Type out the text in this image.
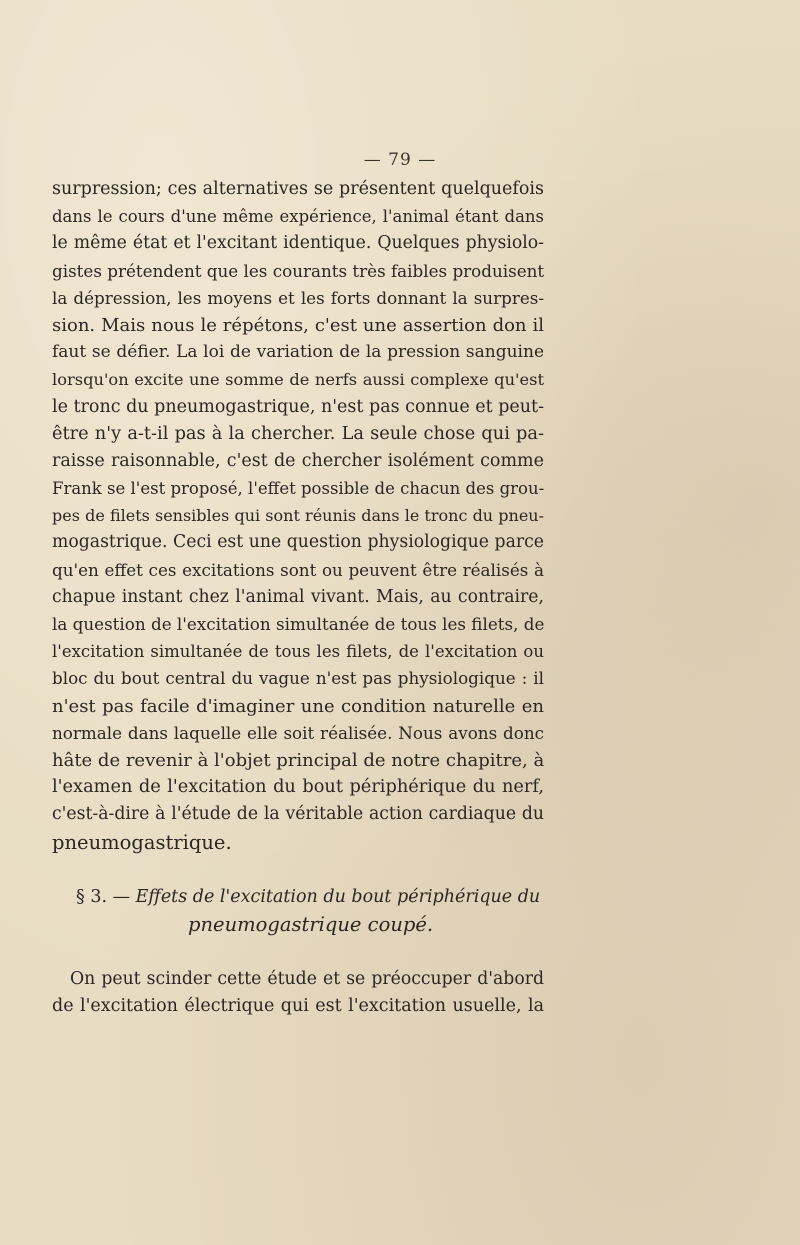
— 79 —
surpression; ces alternatives se présentent quelquefois
dans le cours d'une même expérience, l'animal étant dans
le même état et l'excitant identique. Quelques physiolo-
gistes prétendent que les courants très faibles produisent
la dépression, les moyens et les forts donnant la surpres-
sion. Mais nous le répétons, c'est une assertion don il
faut se défier. La loi de variation de la pression sanguine
lorsqu'on excite une somme de nerfs aussi complexe qu'est
le tronc du pneumogastrique, n'est pas connue et peut-
être n'y a-t-il pas à la chercher. La seule chose qui pa-
raisse raisonnable, c'est de chercher isolément comme
Frank se l'est proposé, l'effet possible de chacun des grou-
pes de filets sensibles qui sont réunis dans le tronc du pneu-
mogastrique. Ceci est une question physiologique parce
qu'en effet ces excitations sont ou peuvent être réalisés à
chapue instant chez l'animal vivant. Mais, au contraire,
la question de l'excitation simultanée de tous les filets, de
l'excitation simultanée de tous les filets, de l'excitation ou
bloc du bout central du vague n'est pas physiologique : il
n'est pas facile d'imaginer une condition naturelle en
normale dans laquelle elle soit réalisée. Nous avons donc
hâte de revenir à l'objet principal de notre chapitre, à
l'examen de l'excitation du bout périphérique du nerf,
c'est-à-dire à l'étude de la véritable action cardiaque du
pneumogastrique.
§ 3. — Effets de l'excitation du bout périphérique du
pneumogastrique coupé.
On peut scinder cette étude et se préoccuper d'abord
de l'excitation électrique qui est l'excitation usuelle, la
